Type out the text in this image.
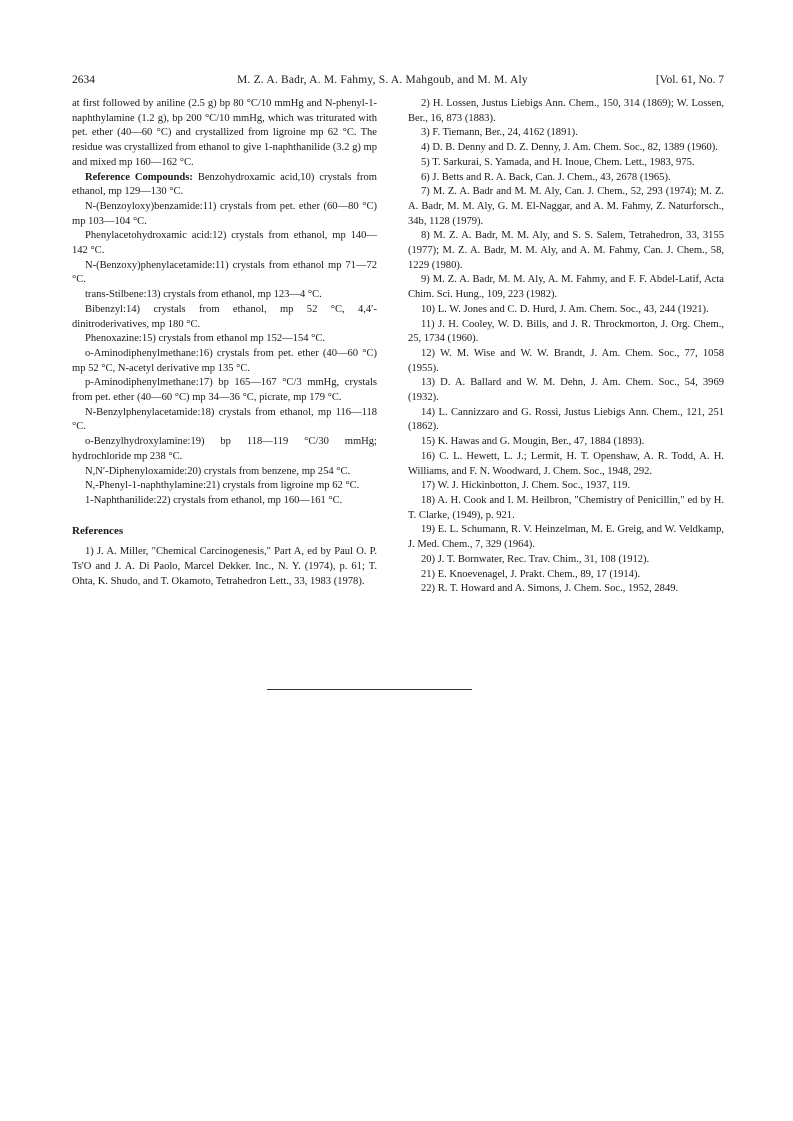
2634	M. Z. A. Badr, A. M. Fahmy, S. A. Mahgoub, and M. M. Aly	[Vol. 61, No. 7

at first followed by aniline (2.5 g) bp 80 °C/10 mmHg and N-phenyl-1-naphthylamine (1.2 g), bp 200 °C/10 mmHg, which was triturated with pet. ether (40—60 °C) and crystallized from ligroine mp 62 °C. The residue was crystallized from ethanol to give 1-naphthanilide (3.2 g) mp and mixed mp 160—162 °C.

Reference Compounds: Benzohydroxamic acid,10) crystals from ethanol, mp 129—130 °C.

N-(Benzoyloxy)benzamide:11) crystals from pet. ether (60—80 °C) mp 103—104 °C.

Phenylacetohydroxamic acid:12) crystals from ethanol, mp 140—142 °C.

N-(Benzoxy)phenylacetamide:11) crystals from ethanol mp 71—72 °C.

trans-Stilbene:13) crystals from ethanol, mp 123—4 °C.

Bibenzyl:14) crystals from ethanol, mp 52 °C, 4,4′-dinitroderivatives, mp 180 °C.

Phenoxazine:15) crystals from ethanol mp 152—154 °C.

o-Aminodiphenylmethane:16) crystals from pet. ether (40—60 °C) mp 52 °C, N-acetyl derivative mp 135 °C.

p-Aminodiphenylmethane:17) bp 165—167 °C/3 mmHg, crystals from pet. ether (40—60 °C) mp 34—36 °C, picrate, mp 179 °C.

N-Benzylphenylacetamide:18) crystals from ethanol, mp 116—118 °C.

o-Benzylhydroxylamine:19) bp 118—119 °C/30 mmHg; hydrochloride mp 238 °C.

N,N′-Diphenyloxamide:20) crystals from benzene, mp 254 °C.

N,-Phenyl-1-naphthylamine:21) crystals from ligroine mp 62 °C.

1-Naphthanilide:22) crystals from ethanol, mp 160—161 °C.

References

1) J. A. Miller, "Chemical Carcinogenesis," Part A, ed by Paul O. P. Ts'O and J. A. Di Paolo, Marcel Dekker. Inc., N. Y. (1974), p. 61; T. Ohta, K. Shudo, and T. Okamoto, Tetrahedron Lett., 33, 1983 (1978).

2) H. Lossen, Justus Liebigs Ann. Chem., 150, 314 (1869); W. Lossen, Ber., 16, 873 (1883).

3) F. Tiemann, Ber., 24, 4162 (1891).

4) D. B. Denny and D. Z. Denny, J. Am. Chem. Soc., 82, 1389 (1960).

5) T. Sarkurai, S. Yamada, and H. Inoue, Chem. Lett., 1983, 975.

6) J. Betts and R. A. Back, Can. J. Chem., 43, 2678 (1965).

7) M. Z. A. Badr and M. M. Aly, Can. J. Chem., 52, 293 (1974); M. Z. A. Badr, M. M. Aly, G. M. El-Naggar, and A. M. Fahmy, Z. Naturforsch., 34b, 1128 (1979).

8) M. Z. A. Badr, M. M. Aly, and S. S. Salem, Tetrahedron, 33, 3155 (1977); M. Z. A. Badr, M. M. Aly, and A. M. Fahmy, Can. J. Chem., 58, 1229 (1980).

9) M. Z. A. Badr, M. M. Aly, A. M. Fahmy, and F. F. Abdel-Latif, Acta Chim. Sci. Hung., 109, 223 (1982).

10) L. W. Jones and C. D. Hurd, J. Am. Chem. Soc., 43, 244 (1921).

11) J. H. Cooley, W. D. Bills, and J. R. Throckmorton, J. Org. Chem., 25, 1734 (1960).

12) W. M. Wise and W. W. Brandt, J. Am. Chem. Soc., 77, 1058 (1955).

13) D. A. Ballard and W. M. Dehn, J. Am. Chem. Soc., 54, 3969 (1932).

14) L. Cannizzaro and G. Rossi, Justus Liebigs Ann. Chem., 121, 251 (1862).

15) K. Hawas and G. Mougin, Ber., 47, 1884 (1893).

16) C. L. Hewett, L. J.; Lermit, H. T. Openshaw, A. R. Todd, A. H. Williams, and F. N. Woodward, J. Chem. Soc., 1948, 292.

17) W. J. Hickinbotton, J. Chem. Soc., 1937, 119.

18) A. H. Cook and I. M. Heilbron, "Chemistry of Penicillin," ed by H. T. Clarke, (1949), p. 921.

19) E. L. Schumann, R. V. Heinzelman, M. E. Greig, and W. Veldkamp, J. Med. Chem., 7, 329 (1964).

20) J. T. Bornwater, Rec. Trav. Chim., 31, 108 (1912).

21) E. Knoevenagel, J. Prakt. Chem., 89, 17 (1914).

22) R. T. Howard and A. Simons, J. Chem. Soc., 1952, 2849.
